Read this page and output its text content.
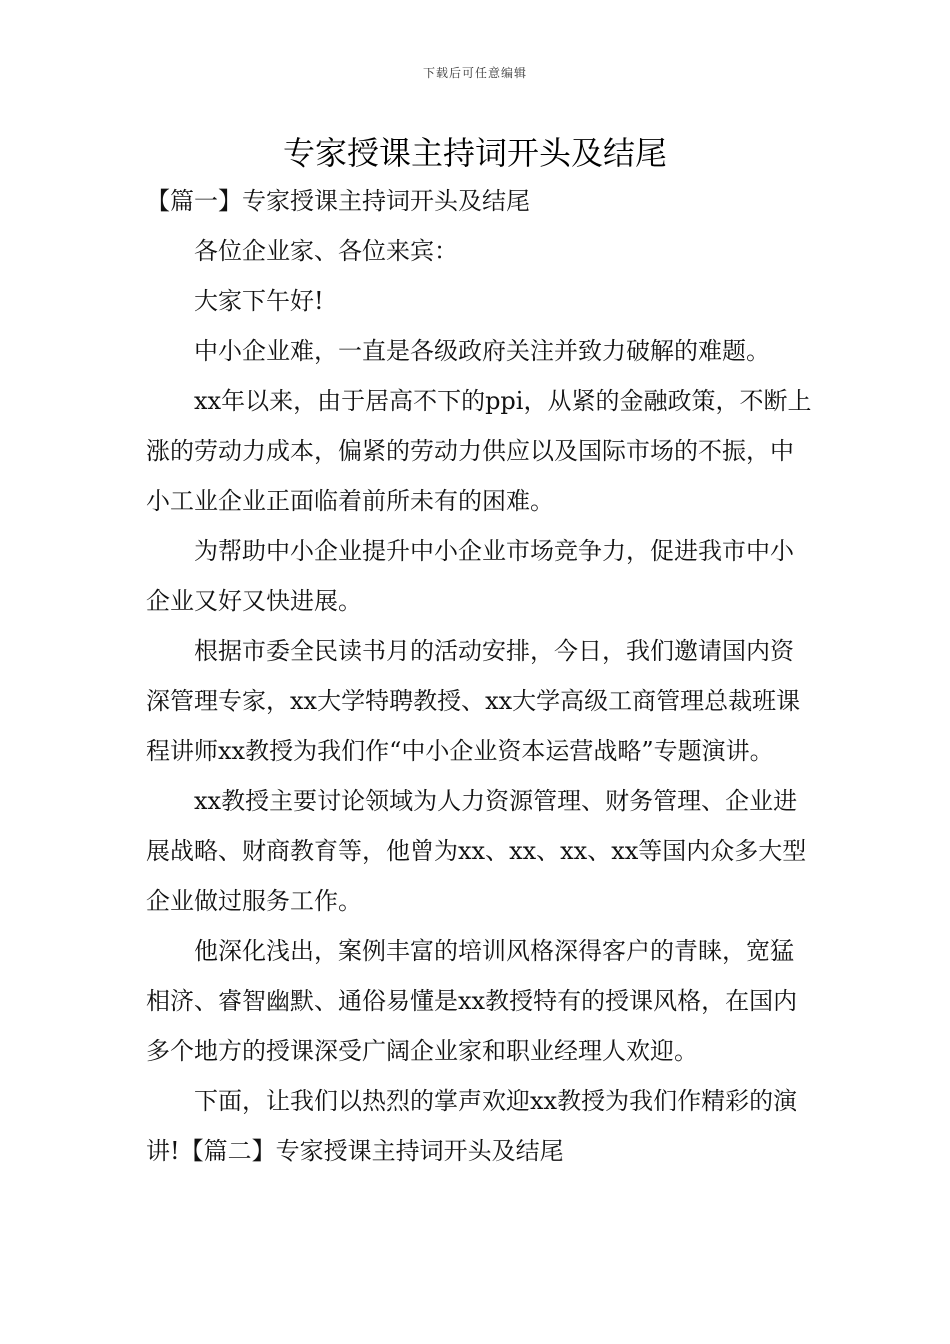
下载后可任意编辑
专家授课主持词开头及结尾

【篇一】专家授课主持词开头及结尾

各位企业家、各位来宾：

大家下午好!

中小企业难，一直是各级政府关注并致力破解的难题。

xx年以来，由于居高不下的ppi，从紧的金融政策，不断上涨的劳动力成本，偏紧的劳动力供应以及国际市场的不振，中小工业企业正面临着前所未有的困难。

为帮助中小企业提升中小企业市场竞争力，促进我市中小企业又好又快进展。

根据市委全民读书月的活动安排，今日，我们邀请国内资深管理专家，xx大学特聘教授、xx大学高级工商管理总裁班课程讲师xx教授为我们作“中小企业资本运营战略”专题演讲。

xx教授主要讨论领域为人力资源管理、财务管理、企业进展战略、财商教育等，他曾为xx、xx、xx、xx等国内众多大型企业做过服务工作。

他深化浅出，案例丰富的培训风格深得客户的青睐，宽猛相济、睿智幽默、通俗易懂是xx教授特有的授课风格，在国内多个地方的授课深受广阔企业家和职业经理人欢迎。

下面，让我们以热烈的掌声欢迎xx教授为我们作精彩的演讲!【篇二】专家授课主持词开头及结尾
